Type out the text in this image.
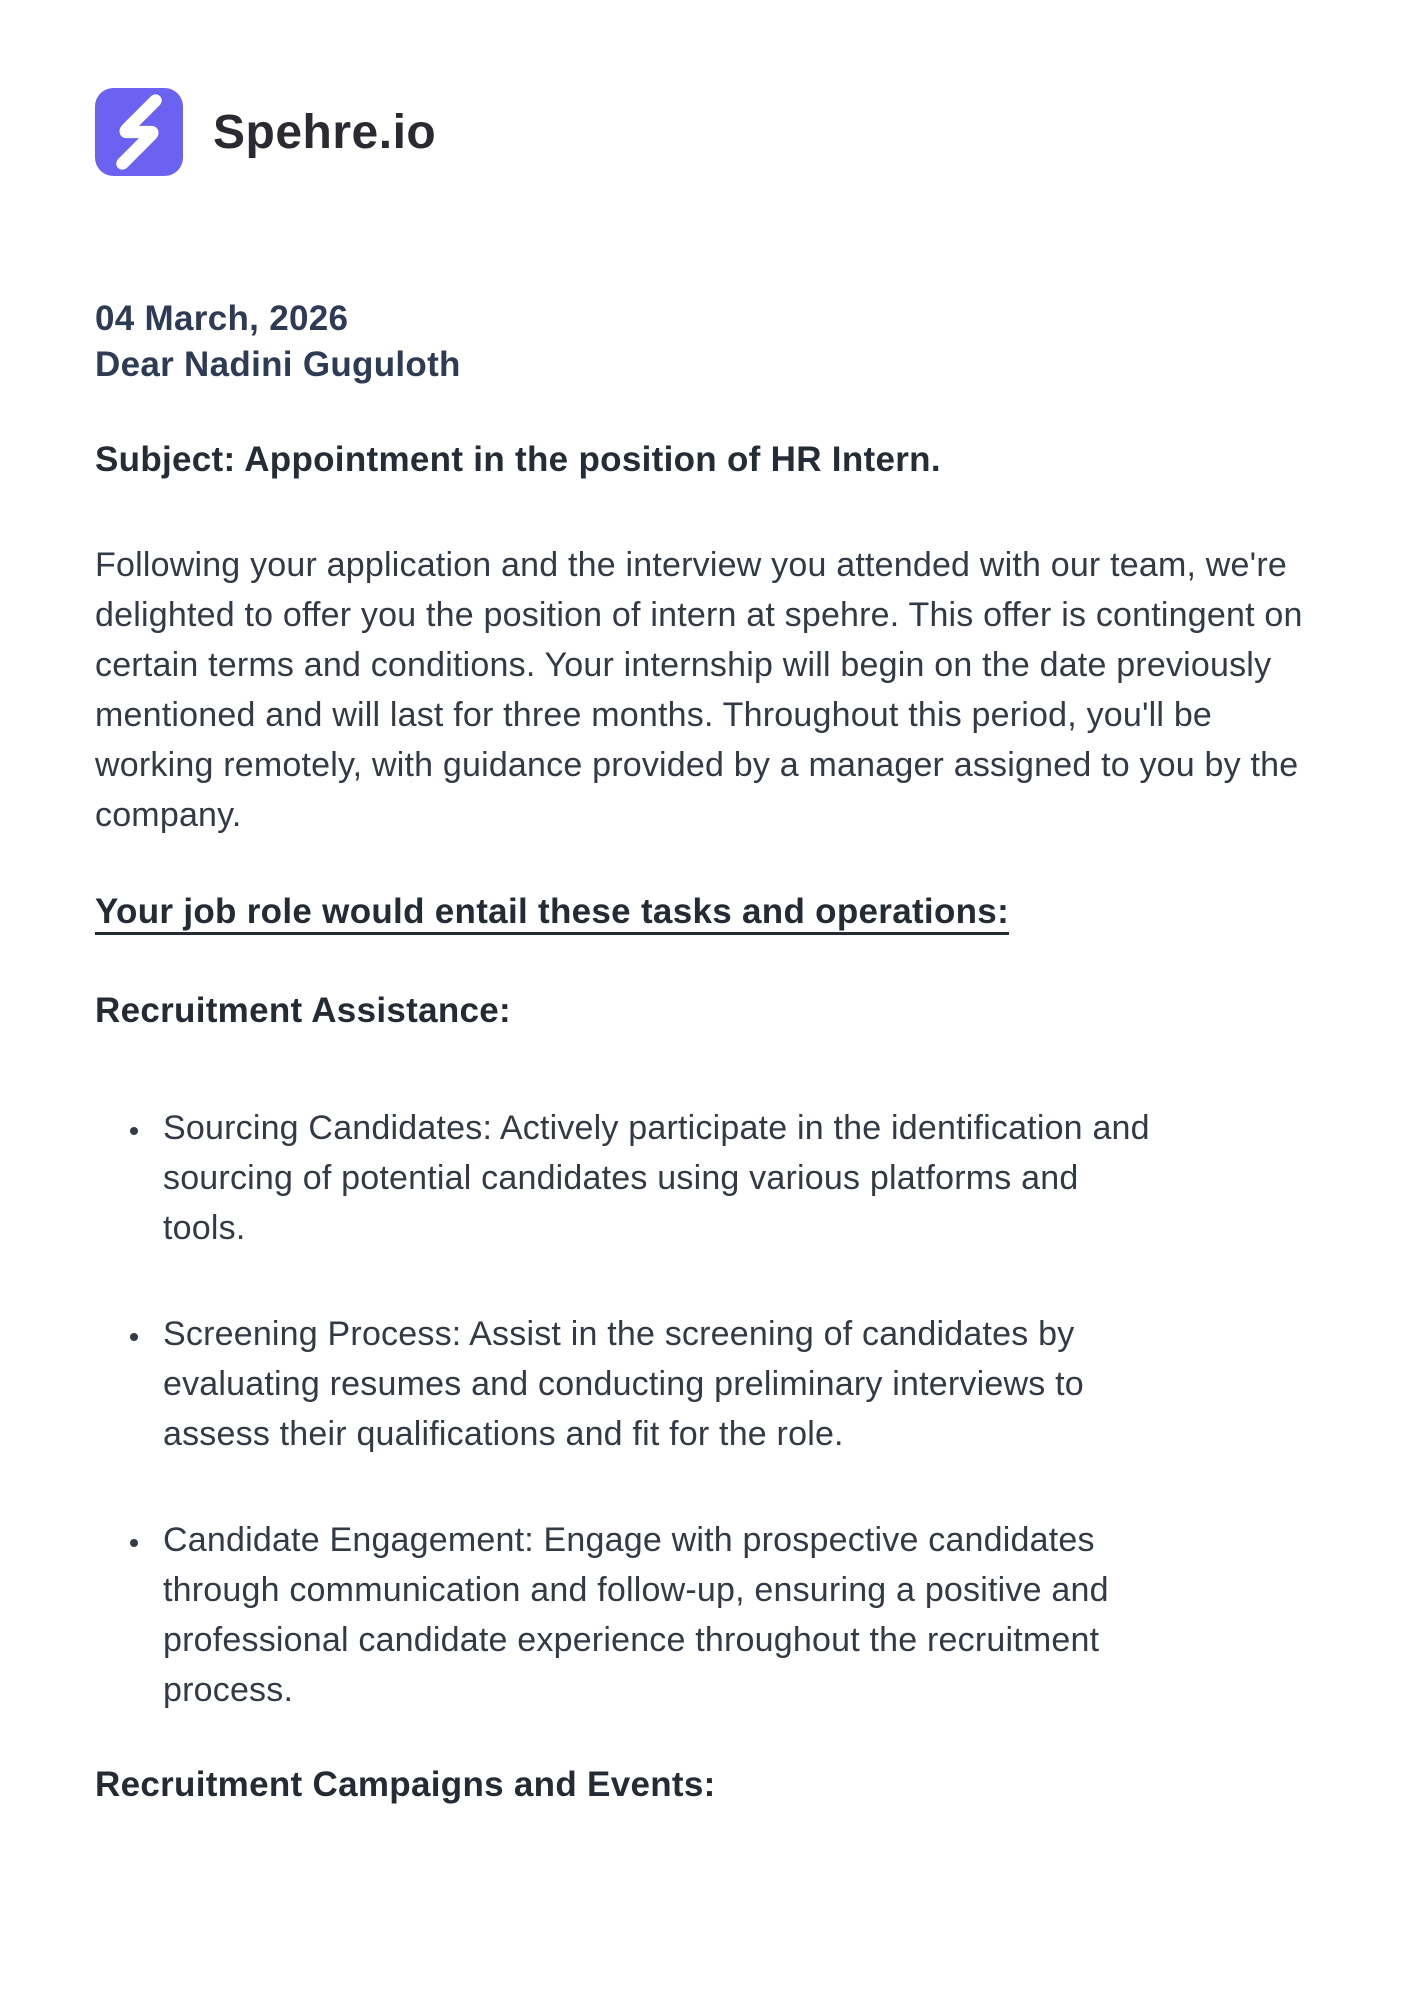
Spehre.io

04 March, 2026

Dear Nadini Guguloth

Subject: Appointment in the position of HR Intern.

Following your application and the interview you attended with our team, we're delighted to offer you the position of intern at spehre. This offer is contingent on certain terms and conditions. Your internship will begin on the date previously mentioned and will last for three months. Throughout this period, you'll be working remotely, with guidance provided by a manager assigned to you by the company.

Your job role would entail these tasks and operations:
Recruitment Assistance:
• Sourcing Candidates: Actively participate in the identification and sourcing of potential candidates using various platforms and tools.
• Screening Process: Assist in the screening of candidates by evaluating resumes and conducting preliminary interviews to assess their qualifications and fit for the role.
• Candidate Engagement: Engage with prospective candidates through communication and follow-up, ensuring a positive and professional candidate experience throughout the recruitment process.
Recruitment Campaigns and Events:
